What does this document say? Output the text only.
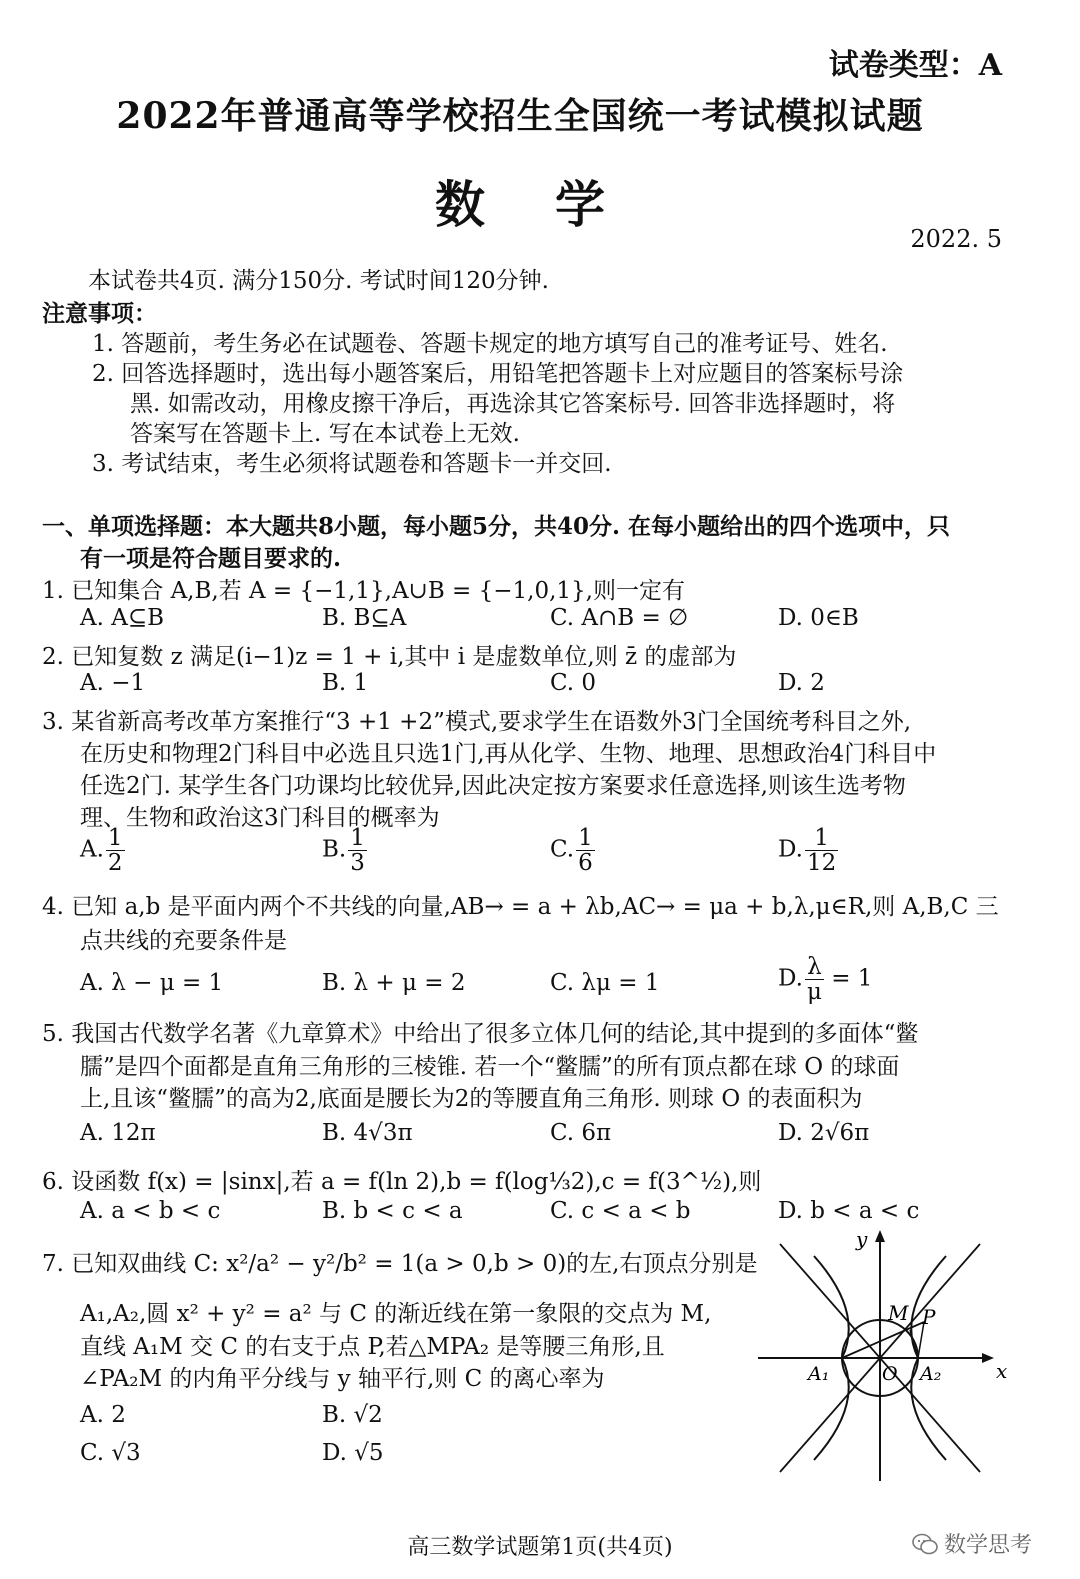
试卷类型：A
2022年普通高等学校招生全国统一考试模拟试题
数学
2022. 5
本试卷共4页. 满分150分. 考试时间120分钟.
注意事项：
1. 答题前，考生务必在试题卷、答题卡规定的地方填写自己的准考证号、姓名.
2. 回答选择题时，选出每小题答案后，用铅笔把答题卡上对应题目的答案标号涂
黑. 如需改动，用橡皮擦干净后，再选涂其它答案标号. 回答非选择题时，将
答案写在答题卡上. 写在本试卷上无效.
3. 考试结束，考生必须将试题卷和答题卡一并交回.
一、单项选择题：本大题共8小题，每小题5分，共40分. 在每小题给出的四个选项中，只
有一项是符合题目要求的.
1. 已知集合 A,B,若 A = {−1,1},A∪B = {−1,0,1},则一定有
A. A⊆B	B. B⊆A	C. A∩B = ∅	D. 0∈B
2. 已知复数 z 满足(i−1)z = 1 + i,其中 i 是虚数单位,则 z̄ 的虚部为
A. −1	B. 1	C. 0	D. 2
3. 某省新高考改革方案推行“3 +1 +2”模式,要求学生在语数外3门全国统考科目之外,
在历史和物理2门科目中必选且只选1门,再从化学、生物、地理、思想政治4门科目中
任选2门. 某学生各门功课均比较优异,因此决定按方案要求任意选择,则该生选考物
理、生物和政治这3门科目的概率为
A. $\frac{1}{2}$	B. $\frac{1}{3}$	C. $\frac{1}{6}$	D. $\frac{1}{12}$
4. 已知 a,b 是平面内两个不共线的向量,AB→ = a + λb,AC→ = μa + b,λ,μ∈R,则 A,B,C 三
点共线的充要条件是
A. λ − μ = 1	B. λ + μ = 2	C. λμ = 1	D. $\frac{\lambda}{\mu} = 1$
5. 我国古代数学名著《九章算术》中给出了很多立体几何的结论,其中提到的多面体“鳖
臑”是四个面都是直角三角形的三棱锥. 若一个“鳖臑”的所有顶点都在球 O 的球面
上,且该“鳖臑”的高为2,底面是腰长为2的等腰直角三角形. 则球 O 的表面积为
A. 12π	B. 4√3π	C. 6π	D. 2√6π
6. 设函数 f(x) = |sinx|,若 a = f(ln 2),b = f(log⅓2),c = f(3^½),则
A. a < b < c	B. b < c < a	C. c < a < b	D. b < a < c
7. 已知双曲线 C: x²/a² − y²/b² = 1(a > 0,b > 0)的左,右顶点分别是
A₁,A₂,圆 x² + y² = a² 与 C 的渐近线在第一象限的交点为 M,
直线 A₁M 交 C 的右支于点 P,若△MPA₂ 是等腰三角形,且
∠PA₂M 的内角平分线与 y 轴平行,则 C 的离心率为
A. 2	B. √2
C. √3	D. √5
y
x
M P
A₁	O A₂
高三数学试题第1页(共4页)	数学思考
